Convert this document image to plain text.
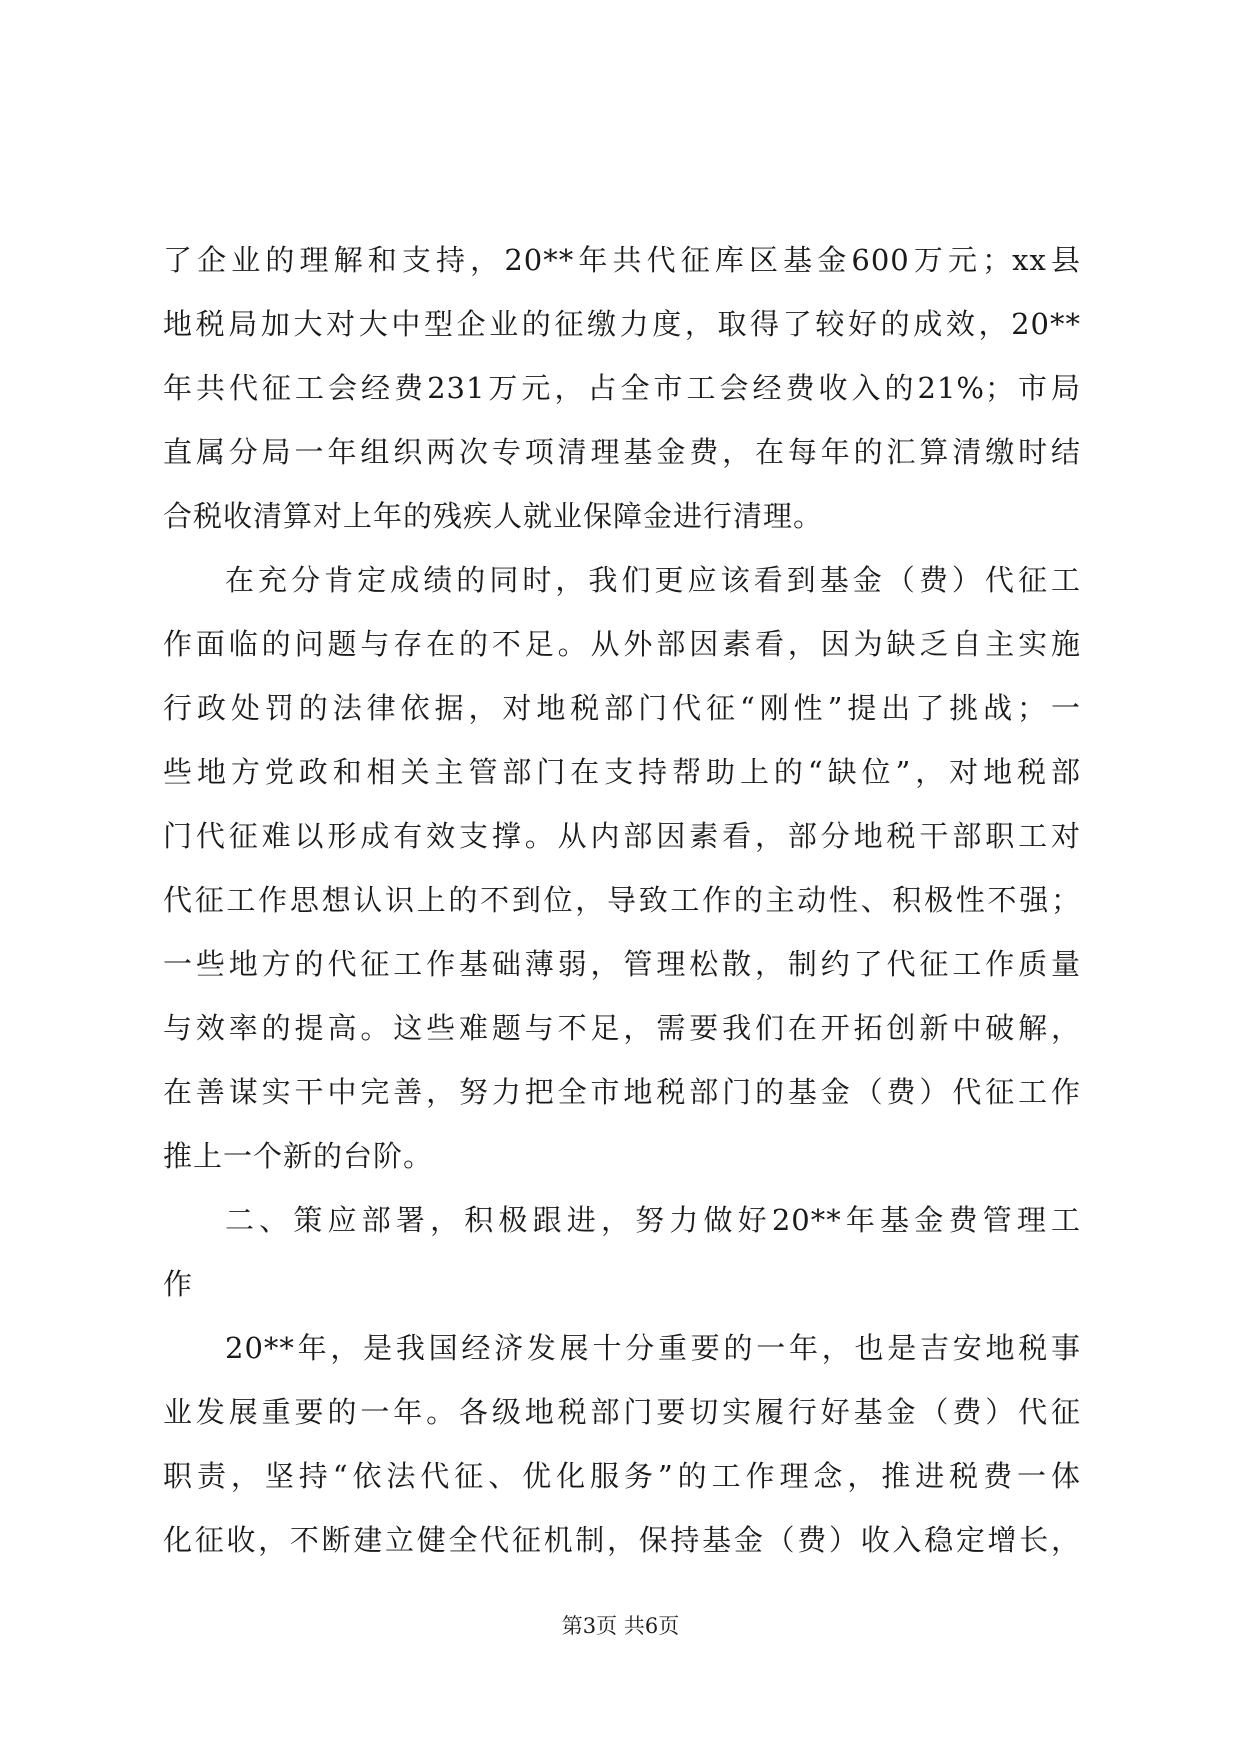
了企业的理解和支持，20**年共代征库区基金600万元；xx县
地税局加大对大中型企业的征缴力度，取得了较好的成效，20**
年共代征工会经费231万元，占全市工会经费收入的21%；市局
直属分局一年组织两次专项清理基金费，在每年的汇算清缴时结
合税收清算对上年的残疾人就业保障金进行清理。
在充分肯定成绩的同时，我们更应该看到基金（费）代征工
作面临的问题与存在的不足。从外部因素看，因为缺乏自主实施
行政处罚的法律依据，对地税部门代征“刚性”提出了挑战；一
些地方党政和相关主管部门在支持帮助上的“缺位”，对地税部
门代征难以形成有效支撑。从内部因素看，部分地税干部职工对
代征工作思想认识上的不到位，导致工作的主动性、积极性不强；
一些地方的代征工作基础薄弱，管理松散，制约了代征工作质量
与效率的提高。这些难题与不足，需要我们在开拓创新中破解，
在善谋实干中完善，努力把全市地税部门的基金（费）代征工作
推上一个新的台阶。
二、策应部署，积极跟进，努力做好20**年基金费管理工
作
20**年，是我国经济发展十分重要的一年，也是吉安地税事
业发展重要的一年。各级地税部门要切实履行好基金（费）代征
职责，坚持“依法代征、优化服务”的工作理念，推进税费一体
化征收，不断建立健全代征机制，保持基金（费）收入稳定增长，
第3页 共6页
